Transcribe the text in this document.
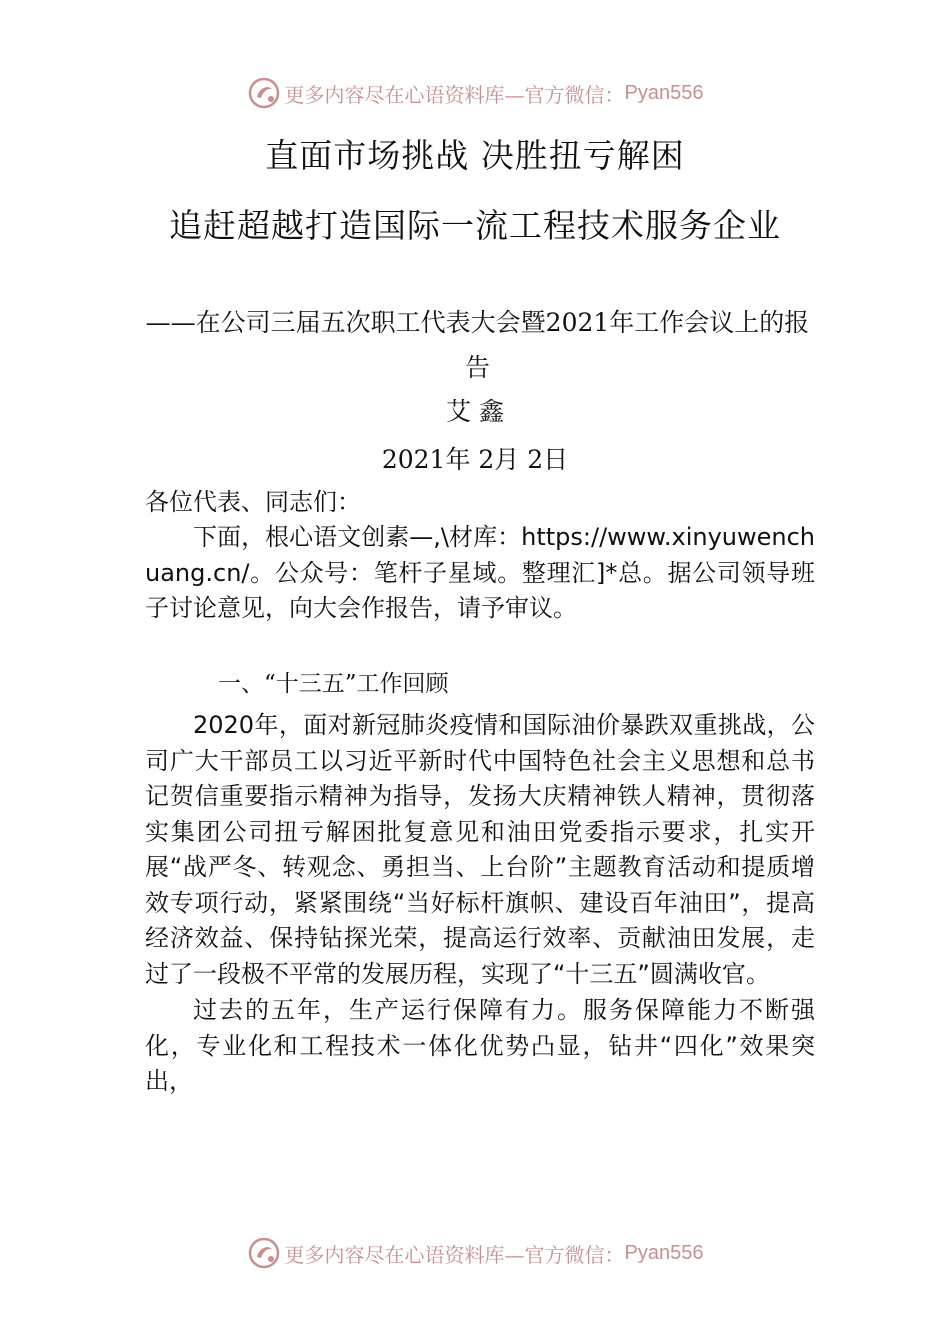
更多内容尽在心语资料库—官方微信： Pyan556
直面市场挑战 决胜扭亏解困
追赶超越打造国际一流工程技术服务企业
——在公司三届五次职工代表大会暨2021年工作会议上的报告
艾 鑫
2021年 2月 2日
各位代表、同志们：

下面，根心语文创素—,\材库：https://www.xinyuwenchuang.cn/。公众号：笔杆子星域。整理汇]*总。据公司领导班子讨论意见，向大会作报告，请予审议。

一、“十三五”工作回顾

2020年，面对新冠肺炎疫情和国际油价暴跌双重挑战，公司广大干部员工以习近平新时代中国特色社会主义思想和总书记贺信重要指示精神为指导，发扬大庆精神铁人精神，贯彻落实集团公司扭亏解困批复意见和油田党委指示要求，扎实开展“战严冬、转观念、勇担当、上台阶”主题教育活动和提质增效专项行动，紧紧围绕“当好标杆旗帜、建设百年油田”，提高经济效益、保持钻探光荣，提高运行效率、贡献油田发展，走过了一段极不平常的发展历程，实现了“十三五”圆满收官。

过去的五年，生产运行保障有力。服务保障能力不断强化，专业化和工程技术一体化优势凸显，钻井“四化”效果突出，

更多内容尽在心语资料库—官方微信： Pyan556
